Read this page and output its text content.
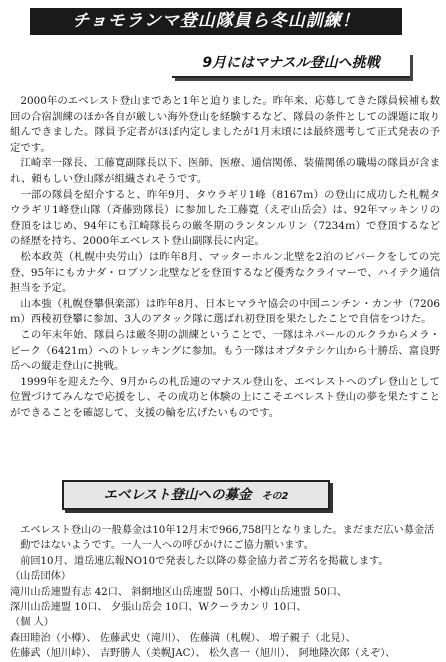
チョモランマ登山隊員ら冬山訓練！
9月にはマナスル登山へ挑戦

2000年のエベレスト登山まであと1年と迫りました。昨年来、応募してきた隊員候補も数回の合宿訓練のほか各自が厳しい海外登山を経験するなど、隊員の条件としての課題に取り組んできました。隊員予定者がほぼ内定しましたが1月末頃には最終選考して正式発表の予定です。

江崎幸一隊長、工藤寛副隊長以下、医師、医療、通信関係、装備関係の職場の隊員が含まれ、頼もしい登山隊が組織されそうです。

一部の隊員を紹介すると、昨年9月、タウラギリ1峰（8167ｍ）の登山に成功した札幌タウラギリ1峰登山隊（斉藤勁隊長）に参加した工藤寛（えぞ山岳会）は、92年マッキンリの登頂をはじめ、94年にも江崎隊長らの厳冬期のランタンルリン（7234ｍ）で登頂するなどの経歴を持ち、2000年エベレスト登山副隊長に内定。

松本政英（札幌中央労山）は昨年8月、マッターホルン北壁を2泊のビバークをしての完登、95年にもカナダ・ロブソン北壁などを登頂するなど優秀なクライマーで、ハイテク通信担当を予定。

山本強（札幌登攀倶楽部）は昨年8月、日本ヒマラヤ協会の中国ニンチン・カンサ（7206ｍ）西稜初登攀に参加、3人のアタック隊に選ばれ初登頂を果たしたことで自信をつけた。

この年末年始、隊員らは厳冬期の訓練ということで、一隊はネパールのルクラからメラ・ピーク（6421ｍ）へのトレッキングに参加。もう一隊はオプタテシケ山から十勝岳、富良野岳への縦走登山に挑戦。

1999年を迎えた今、9月からの札岳連のマナスル登山を、エベレストへのプレ登山として位置づけてみんなで応援をし、その成功と体験の上にこそエベレスト登山の夢を果たすことができることを確認して、支援の輪を広げたいものです。

エベレスト登山への募金 その2
エベレスト登山の一般募金は10年12月末で966,758円となりました。まだまだ広い募金活動ではないようです。一人一人への呼びかけにご協力願います。
前回10月、道岳連広報NO10で発表した以降の募金協力者ご芳名を掲載します。
（山岳団体）
滝川山岳連盟有志 42口、 斜網地区山岳連盟 50口、小樽山岳連盟 50口、
深川山岳連盟 10口、 夕張山岳会 10口、Wクーラカンリ 10口、
（個 人）
森田睦治（小樽）、 佐藤武史（滝川）、 佐藤満（札幌）、 増子親子（北見）、
佐藤武（旭川峠）、 吉野勝人（美幌JAC）、 松久喜一（旭川）、 阿地隆次郎（えぞ）、
